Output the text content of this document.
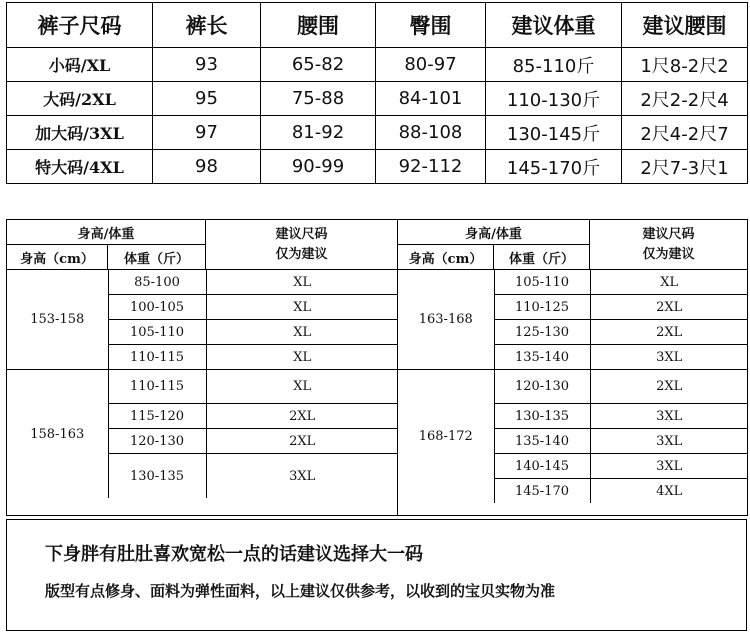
裤子尺码	裤长	腰围	臀围	建议体重	建议腰围
小码/XL	93	65-82	80-97	85-110斤	1尺8-2尺2
大码/2XL	95	75-88	84-101	110-130斤	2尺2-2尺4
加大码/3XL	97	81-92	88-108	130-145斤	2尺4-2尺7
特大码/4XL	98	90-99	92-112	145-170斤	2尺7-3尺1
身高/体重	建议尺码
仅为建议
	身高/体重	建议尺码
仅为建议

身高（cm）	体重（斤）	身高（cm）	体重（斤）

153-158	85-100	XL
100-105	XL
105-110	XL
110-115	XL
158-163	110-115	XL
115-120	2XL
120-130	2XL
130-135	3XL

163-168	105-110	XL
110-125	2XL
125-130	2XL
135-140	3XL
168-172	120-130	2XL
130-135	3XL
135-140	3XL
140-145	3XL
145-170	4XL
下身胖有肚肚喜欢宽松一点的话建议选择大一码
版型有点修身、面料为弹性面料，以上建议仅供参考，以收到的宝贝实物为准
